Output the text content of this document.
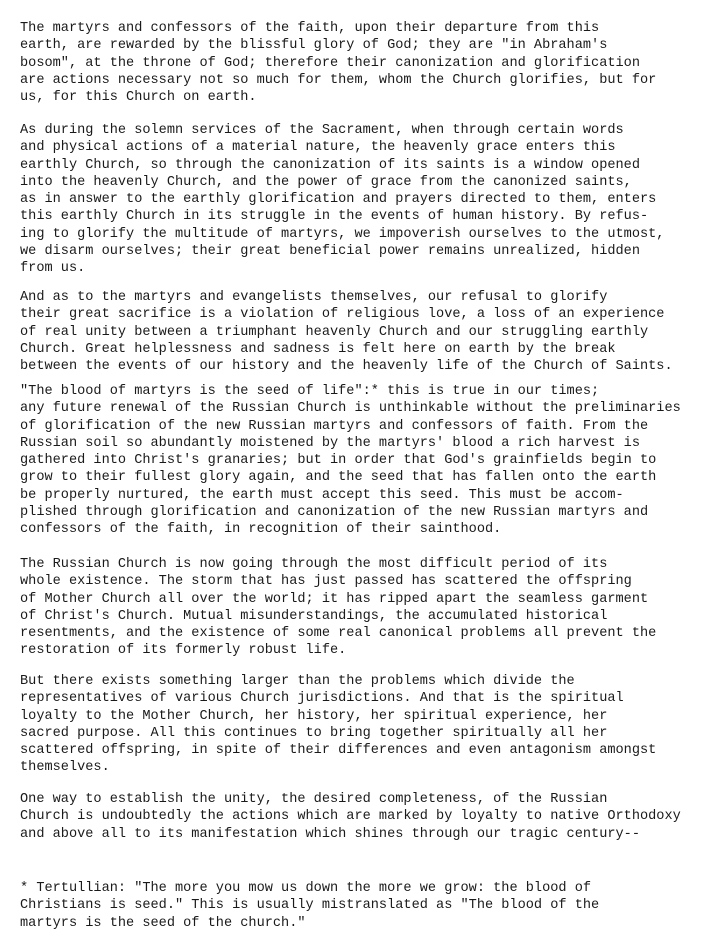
The martyrs and confessors of the faith, upon their departure from this
earth, are rewarded by the blissful glory of God; they are "in Abraham's
bosom", at the throne of God; therefore their canonization and glorification
are actions necessary not so much for them, whom the Church glorifies, but for
us, for this Church on earth.

As during the solemn services of the Sacrament, when through certain words
and physical actions of a material nature, the heavenly grace enters this
earthly Church, so through the canonization of its saints is a window opened
into the heavenly Church, and the power of grace from the canonized saints,
as in answer to the earthly glorification and prayers directed to them, enters
this earthly Church in its struggle in the events of human history. By refus-
ing to glorify the multitude of martyrs, we impoverish ourselves to the utmost,
we disarm ourselves; their great beneficial power remains unrealized, hidden
from us.

And as to the martyrs and evangelists themselves, our refusal to glorify
their great sacrifice is a violation of religious love, a loss of an experience
of real unity between a triumphant heavenly Church and our struggling earthly
Church. Great helplessness and sadness is felt here on earth by the break
between the events of our history and the heavenly life of the Church of Saints.

"The blood of martyrs is the seed of life":* this is true in our times;
any future renewal of the Russian Church is unthinkable without the preliminaries
of glorification of the new Russian martyrs and confessors of faith. From the
Russian soil so abundantly moistened by the martyrs' blood a rich harvest is
gathered into Christ's granaries; but in order that God's grainfields begin to
grow to their fullest glory again, and the seed that has fallen onto the earth
be properly nurtured, the earth must accept this seed. This must be accom-
plished through glorification and canonization of the new Russian martyrs and
confessors of the faith, in recognition of their sainthood.

The Russian Church is now going through the most difficult period of its
whole existence. The storm that has just passed has scattered the offspring
of Mother Church all over the world; it has ripped apart the seamless garment
of Christ's Church. Mutual misunderstandings, the accumulated historical
resentments, and the existence of some real canonical problems all prevent the
restoration of its formerly robust life.

But there exists something larger than the problems which divide the
representatives of various Church jurisdictions. And that is the spiritual
loyalty to the Mother Church, her history, her spiritual experience, her
sacred purpose. All this continues to bring together spiritually all her
scattered offspring, in spite of their differences and even antagonism amongst
themselves.

One way to establish the unity, the desired completeness, of the Russian
Church is undoubtedly the actions which are marked by loyalty to native Orthodoxy
and above all to its manifestation which shines through our tragic century--

* Tertullian: "The more you mow us down the more we grow: the blood of
Christians is seed." This is usually mistranslated as "The blood of the
martyrs is the seed of the church."
